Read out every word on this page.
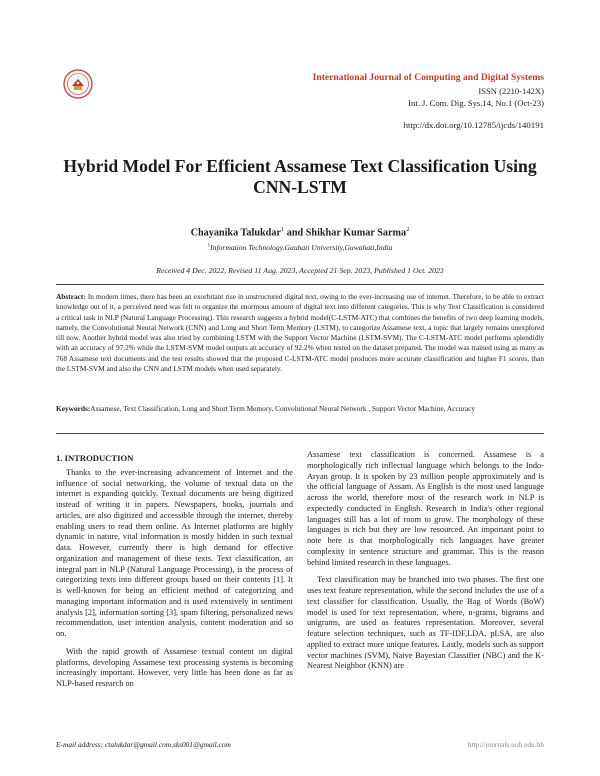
International Journal of Computing and Digital Systems
ISSN (2210-142X)
Int. J. Com. Dig. Sys.14, No.1 (Oct-23)
http://dx.doi.org/10.12785/ijcds/140191
Hybrid Model For Efficient Assamese Text Classification Using CNN-LSTM
Chayanika Talukdar$^1$ and Shikhar Kumar Sarma$^2$
$^1$Information Technology,Gauhati University,Guwahati,India
Received 4 Dec. 2022, Revised 11 Aug. 2023, Accepted 21 Sep. 2023, Published 1 Oct. 2023
Abstract: In modern times, there has been an exorbitant rise in unstructured digital text, owing to the ever-increasing use of internet. Therefore, to be able to extract knowledge out of it, a perceived need was felt to organize the enormous amount of digital text into different categories. This is why Text Classification is considered a critical task in NLP (Natural Language Processing). This research suggests a hybrid model(C-LSTM-ATC) that combines the benefits of two deep learning models, namely, the Convolutional Neural Network (CNN) and Long and Short Term Memory (LSTM), to categorize Assamese text, a topic that largely remains unexplored till now. Another hybrid model was also tried by combining LSTM with the Support Vector Machine (LSTM-SVM). The C-LSTM-ATC model performs splendidly with an accuracy of 97.2% while the LSTM-SVM model outputs an accuracy of 92.2% when tested on the dataset prepared. The model was trained using as many as 768 Assamese text documents and the test results showed that the proposed C-LSTM-ATC model produces more accurate classification and higher F1 scores, than the LSTM-SVM and also the CNN and LSTM models when used separately.
Keywords:Assamese, Text Classification, Long and Short Term Memory, Convolutional Neural Network , Support Vector Machine, Accuracy
1. INTRODUCTION

Thanks to the ever-increasing advancement of Internet and the influence of social networking, the volume of textual data on the internet is expanding quickly. Textual documents are being digitized instead of writing it in papers. Newspapers, books, journals and articles, are also digitized and accessible through the internet, thereby enabling users to read them online. As Internet platforms are highly dynamic in nature, vital information is mostly hidden in such textual data. However, currently there is high demand for effective organization and management of these texts. Text classification, an integral part in NLP (Natural Language Processing), is the process of categorizing texts into different groups based on their contents [1]. It is well-known for being an efficient method of categorizing and managing important information and is used extensively in sentiment analysis [2], information sorting [3], spam filtering, personalized news recommendation, user intention analysis, content moderation and so on.

With the rapid growth of Assamese textual content on digital platforms, developing Assamese text processing systems is becoming increasingly important. However, very little has been done as far as NLP-based research on

Assamese text classification is concerned. Assamese is a morphologically rich inflectual language which belongs to the Indo-Aryan group. It is spoken by 23 million people approximately and is the official language of Assam. As English is the most used language across the world, therefore most of the research work in NLP is expectedly conducted in English. Research in India's other regional languages still has a lot of room to grow. The morphology of these languages is rich but they are low resourced. An important point to note here is that morphologically rich languages have greater complexity in sentence structure and grammar. This is the reason behind limited research in these languages.

Text classification may be branched into two phases. The first one uses text feature representation, while the second includes the use of a text classifier for classification. Usually, the Bag of Words (BoW) model is used for text representation, where, n-grams, bigrams and unigrams, are used as features representation. Moreover, several feature selection techniques, such as TF-IDF,LDA, pLSA, are also applied to extract more unique features. Lastly, models such as support vector machines (SVM), Naive Bayesian Classifier (NBC) and the K-Nearest Neighbor (KNN) are

E-mail address: ctalukdar@gmail.com,sks001@gmail.com	http://journals.uob.edu.bh
